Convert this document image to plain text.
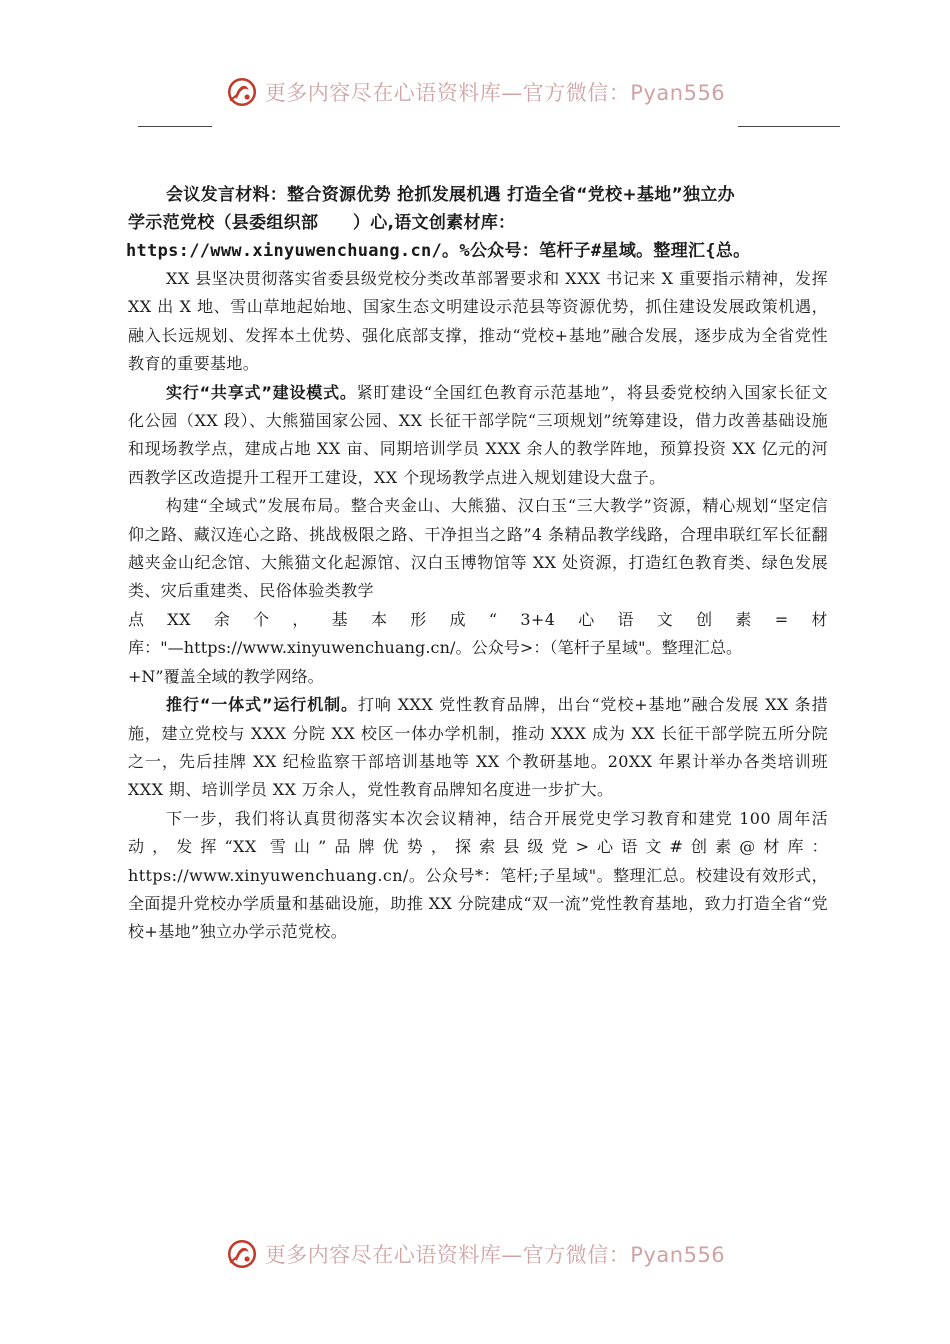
更多内容尽在心语资料库—官方微信：Pyan556
会议发言材料：整合资源优势 抢抓发展机遇 打造全省“党校+基地”独立办
学示范党校（县委组织部　　）心,语文创素材库：
https://www.xinyuwenchuang.cn/。%公众号：笔杆子#星域。整理汇{总。

XX 县坚决贯彻落实省委县级党校分类改革部署要求和 XXX 书记来 X 重要指示精神，发挥 XX 出 X 地、雪山草地起始地、国家生态文明建设示范县等资源优势，抓住建设发展政策机遇，融入长远规划、发挥本土优势、强化底部支撑，推动“党校+基地”融合发展，逐步成为全省党性教育的重要基地。

实行“共享式”建设模式。紧盯建设“全国红色教育示范基地”，将县委党校纳入国家长征文化公园（XX 段）、大熊猫国家公园、XX 长征干部学院“三项规划”统筹建设，借力改善基础设施和现场教学点，建成占地 XX 亩、同期培训学员 XXX 余人的教学阵地，预算投资 XX 亿元的河西教学区改造提升工程开工建设，XX 个现场教学点进入规划建设大盘子。

构建“全域式”发展布局。整合夹金山、大熊猫、汉白玉“三大教学”资源，精心规划“坚定信仰之路、藏汉连心之路、挑战极限之路、干净担当之路”4 条精品教学线路，合理串联红军长征翻越夹金山纪念馆、大熊猫文化起源馆、汉白玉博物馆等 XX 处资源，打造红色教育类、绿色发展类、灾后重建类、民俗体验类教学

点 XX 余 个 ， 基 本 形 成 “ 3+4 心 语 文 创 素 = 材
库："—https://www.xinyuwenchuang.cn/。公众号>：（笔杆子星域"。整理汇总。
+N”覆盖全域的教学网络。

推行“一体式”运行机制。打响 XXX 党性教育品牌，出台“党校+基地”融合发展 XX 条措施，建立党校与 XXX 分院 XX 校区一体办学机制，推动 XXX 成为 XX 长征干部学院五所分院之一，先后挂牌 XX 纪检监察干部培训基地等 XX 个教研基地。20XX 年累计举办各类培训班 XXX 期、培训学员 XX 万余人，党性教育品牌知名度进一步扩大。

下一步，我们将认真贯彻落实本次会议精神，结合开展党史学习教育和建党 100 周年活动，发挥“XX 雪山”品牌优势，探索县级党>心语文#创素@材库：https://www.xinyuwenchuang.cn/。公众号*：笔杆;子星域"。整理汇总。校建设有效形式，全面提升党校办学质量和基础设施，助推 XX 分院建成“双一流”党性教育基地，致力打造全省“党校+基地”独立办学示范党校。

更多内容尽在心语资料库—官方微信：Pyan556
